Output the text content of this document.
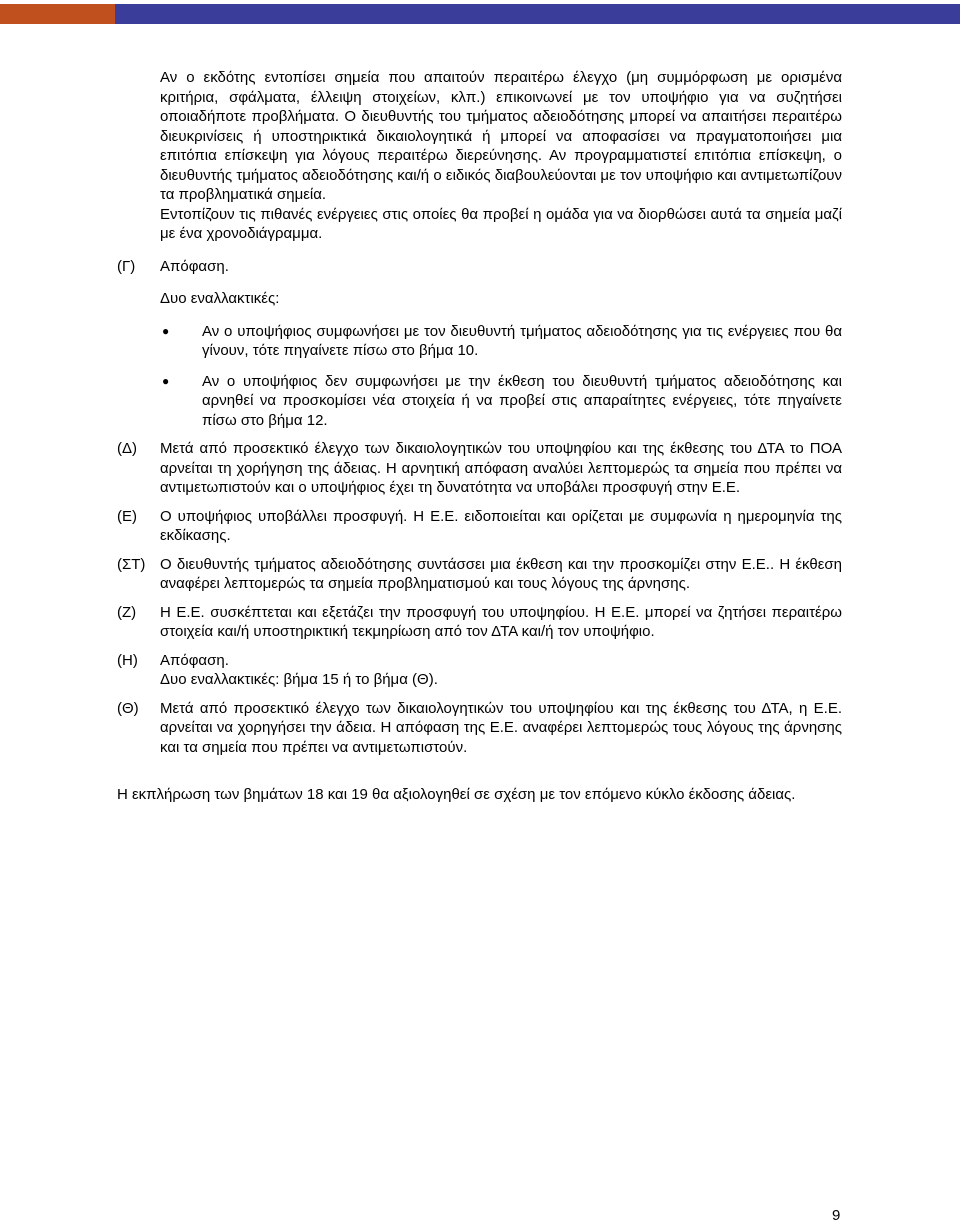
Αν ο εκδότης εντοπίσει σημεία που απαιτούν περαιτέρω έλεγχο (μη συμμόρφωση με ορισμένα κριτήρια, σφάλματα, έλλειψη στοιχείων, κλπ.) επικοινωνεί με τον υποψήφιο για να συζητήσει οποιαδήποτε προβλήματα. Ο διευθυντής του τμήματος αδειοδότησης μπορεί να απαιτήσει περαιτέρω διευκρινίσεις ή υποστηρικτικά δικαιολογητικά ή μπορεί να αποφασίσει να πραγματοποιήσει μια επιτόπια επίσκεψη για λόγους περαιτέρω διερεύνησης. Αν προγραμματιστεί επιτόπια επίσκεψη, ο διευθυντής τμήματος αδειοδότησης και/ή ο ειδικός διαβουλεύονται με τον υποψήφιο και αντιμετωπίζουν τα προβληματικά σημεία.

Εντοπίζουν τις πιθανές ενέργειες στις οποίες θα προβεί η ομάδα για να διορθώσει αυτά τα σημεία μαζί με ένα χρονοδιάγραμμα.

(Γ)	Απόφαση.

Δυο εναλλακτικές:

●	Αν ο υποψήφιος συμφωνήσει με τον διευθυντή τμήματος αδειοδότησης για τις ενέργειες που θα γίνουν, τότε πηγαίνετε πίσω στο βήμα 10.
●	Αν ο υποψήφιος δεν συμφωνήσει με την έκθεση του διευθυντή τμήματος αδειοδότησης και αρνηθεί να προσκομίσει νέα στοιχεία ή να προβεί στις απαραίτητες ενέργειες, τότε πηγαίνετε πίσω στο βήμα 12.
(Δ)	Μετά από προσεκτικό έλεγχο των δικαιολογητικών του υποψηφίου και της έκθεσης του ΔΤΑ το ΠΟΑ αρνείται τη χορήγηση της άδειας. Η αρνητική απόφαση αναλύει λεπτομερώς τα σημεία που πρέπει να αντιμετωπιστούν και ο υποψήφιος έχει τη δυνατότητα να υποβάλει προσφυγή στην Ε.Ε.

(Ε)	Ο υποψήφιος υποβάλλει προσφυγή. Η Ε.Ε. ειδοποιείται και ορίζεται με συμφωνία η ημερομηνία της εκδίκασης.

(ΣΤ) Ο διευθυντής τμήματος αδειοδότησης συντάσσει μια έκθεση και την προσκομίζει στην Ε.Ε.. Η έκθεση αναφέρει λεπτομερώς τα σημεία προβληματισμού και τους λόγους της άρνησης.

(Ζ)	Η Ε.Ε. συσκέπτεται και εξετάζει την προσφυγή του υποψηφίου. Η Ε.Ε. μπορεί να ζητήσει περαιτέρω στοιχεία και/ή υποστηρικτική τεκμηρίωση από τον ΔΤΑ και/ή τον υποψήφιο.

(Η)	Απόφαση.

Δυο εναλλακτικές: βήμα 15 ή το βήμα (Θ).

(Θ)	Μετά από προσεκτικό έλεγχο των δικαιολογητικών του υποψηφίου και της έκθεσης του ΔΤΑ, η Ε.Ε. αρνείται να χορηγήσει την άδεια. Η απόφαση της Ε.Ε. αναφέρει λεπτομερώς τους λόγους της άρνησης και τα σημεία που πρέπει να αντιμετωπιστούν.

Η εκπλήρωση των βημάτων 18 και 19 θα αξιολογηθεί σε σχέση με τον επόμενο κύκλο έκδοσης άδειας.

9
